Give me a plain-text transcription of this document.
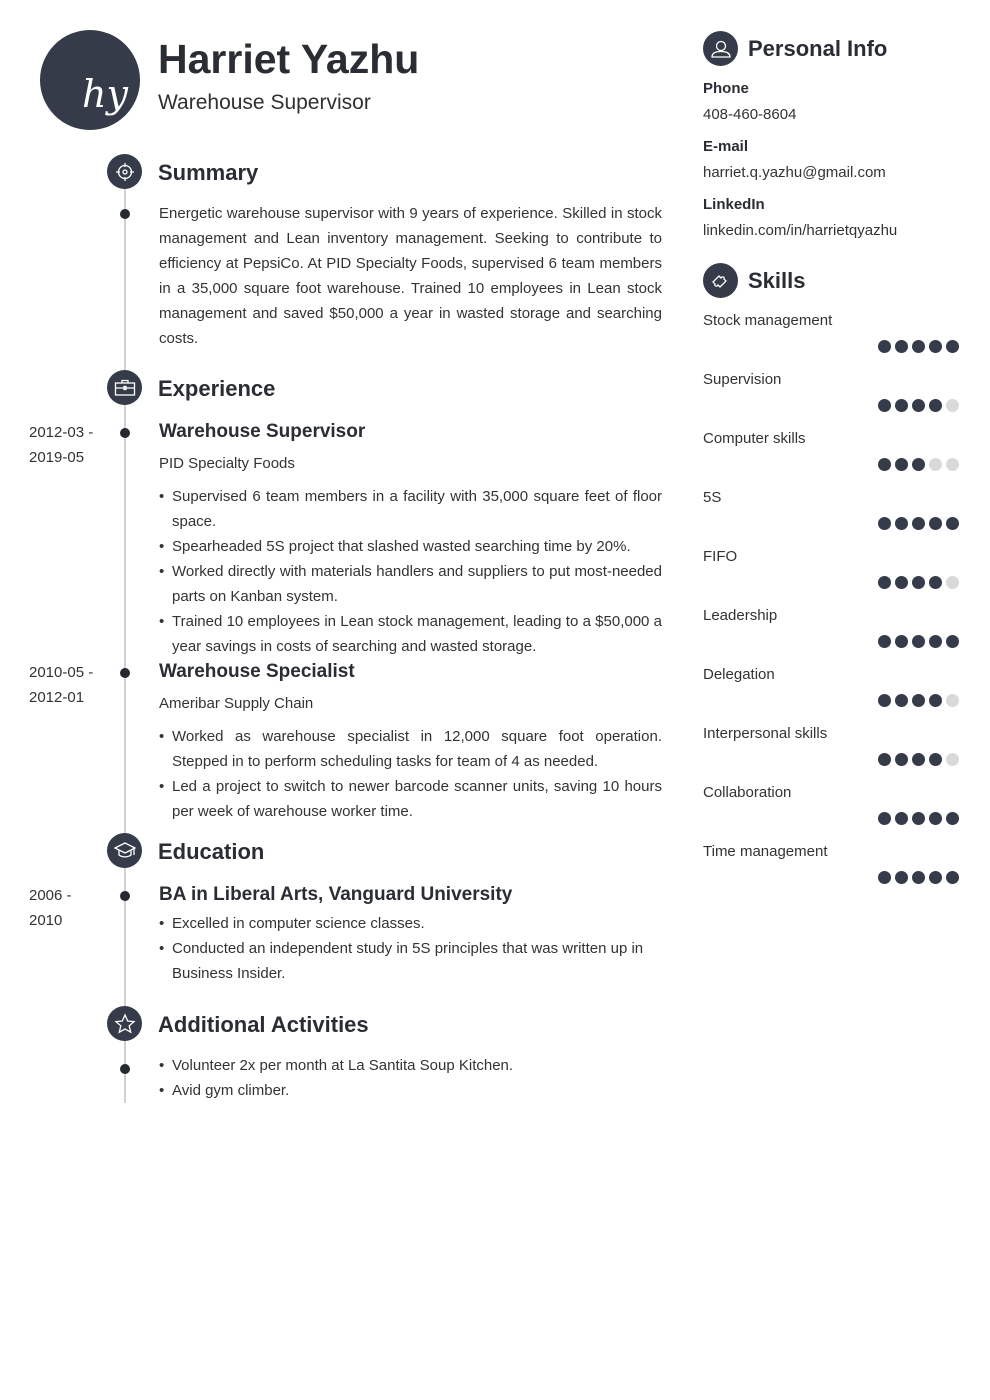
hy
Harriet Yazhu
Warehouse Supervisor
Summary
Energetic warehouse supervisor with 9 years of experience. Skilled in stock management and Lean inventory management. Seeking to contribute to efficiency at PepsiCo. At PID Specialty Foods, supervised 6 team members in a 35,000 square foot warehouse. Trained 10 employees in Lean stock management and saved $50,000 a year in wasted storage and searching costs.
Experience
2012-03 -
2019-05
Warehouse Supervisor
PID Specialty Foods
• Supervised 6 team members in a facility with 35,000 square feet of floor space.
• Spearheaded 5S project that slashed wasted searching time by 20%.
• Worked directly with materials handlers and suppliers to put most-needed parts on Kanban system.
• Trained 10 employees in Lean stock management, leading to a $50,000 a year savings in costs of searching and wasted storage.
2010-05 -
2012-01
Warehouse Specialist
Ameribar Supply Chain
• Worked as warehouse specialist in 12,000 square foot operation. Stepped in to perform scheduling tasks for team of 4 as needed.
• Led a project to switch to newer barcode scanner units, saving 10 hours per week of warehouse worker time.
Education
2006 -
2010
BA in Liberal Arts, Vanguard University
• Excelled in computer science classes.
• Conducted an independent study in 5S principles that was written up in Business Insider.
Additional Activities
• Volunteer 2x per month at La Santita Soup Kitchen.
• Avid gym climber.
Personal Info
Phone
408-460-8604
E-mail
harriet.q.yazhu@gmail.com
LinkedIn
linkedin.com/in/harrietqyazhu
Skills
Stock management
Supervision
Computer skills
5S
FIFO
Leadership
Delegation
Interpersonal skills
Collaboration
Time management
